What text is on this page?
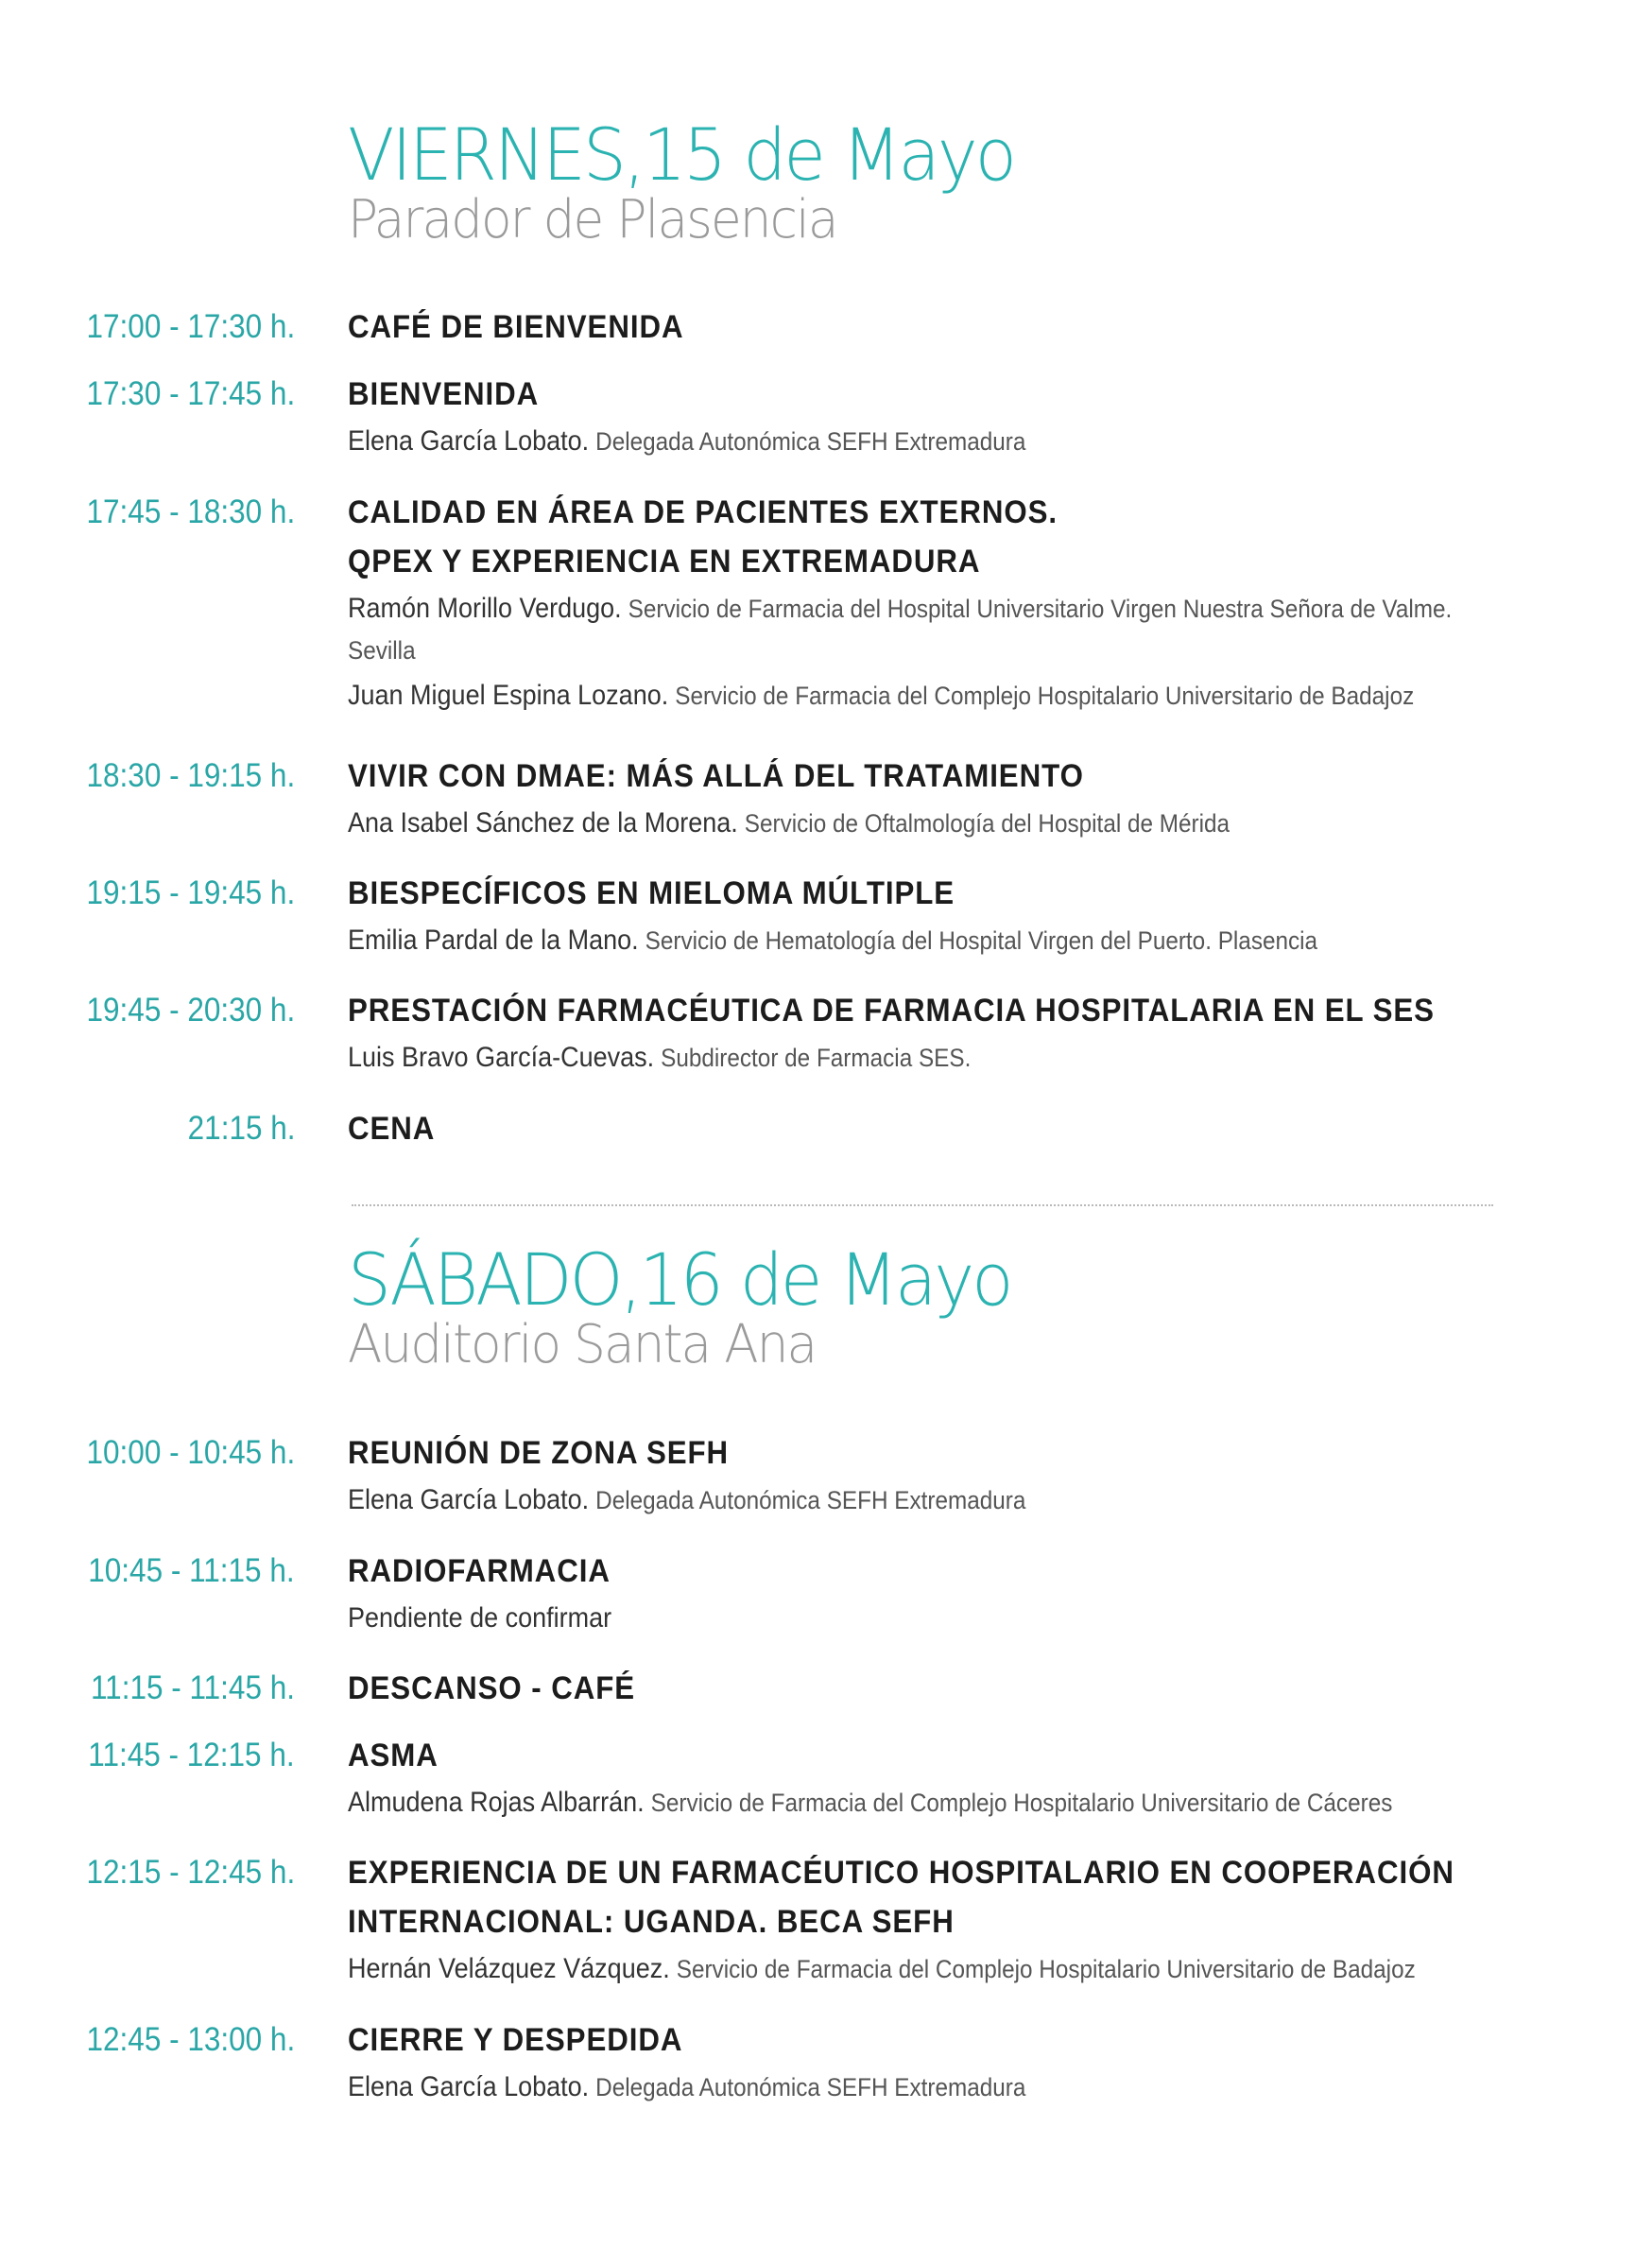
VIERNES,15 de Mayo
Parador de Plasencia
17:00 - 17:30 h. CAFÉ DE BIENVENIDA
17:30 - 17:45 h. BIENVENIDA
Elena García Lobato. Delegada Autonómica SEFH Extremadura
17:45 - 18:30 h. CALIDAD EN ÁREA DE PACIENTES EXTERNOS.
QPEX Y EXPERIENCIA EN EXTREMADURA
Ramón Morillo Verdugo. Servicio de Farmacia del Hospital Universitario Virgen Nuestra Señora de Valme.
Sevilla
Juan Miguel Espina Lozano. Servicio de Farmacia del Complejo Hospitalario Universitario de Badajoz
18:30 - 19:15 h. VIVIR CON DMAE: MÁS ALLÁ DEL TRATAMIENTO
Ana Isabel Sánchez de la Morena. Servicio de Oftalmología del Hospital de Mérida
19:15 - 19:45 h. BIESPECÍFICOS EN MIELOMA MÚLTIPLE
Emilia Pardal de la Mano. Servicio de Hematología del Hospital Virgen del Puerto. Plasencia
19:45 - 20:30 h. PRESTACIÓN FARMACÉUTICA DE FARMACIA HOSPITALARIA EN EL SES
Luis Bravo García-Cuevas. Subdirector de Farmacia SES.
21:15 h. CENA
SÁBADO,16 de Mayo
Auditorio Santa Ana
10:00 - 10:45 h. REUNIÓN DE ZONA SEFH
Elena García Lobato. Delegada Autonómica SEFH Extremadura
10:45 - 11:15 h. RADIOFARMACIA
Pendiente de confirmar
11:15 - 11:45 h. DESCANSO - CAFÉ
11:45 - 12:15 h. ASMA
Almudena Rojas Albarrán. Servicio de Farmacia del Complejo Hospitalario Universitario de Cáceres
12:15 - 12:45 h. EXPERIENCIA DE UN FARMACÉUTICO HOSPITALARIO EN COOPERACIÓN
INTERNACIONAL: UGANDA. BECA SEFH
Hernán Velázquez Vázquez. Servicio de Farmacia del Complejo Hospitalario Universitario de Badajoz
12:45 - 13:00 h. CIERRE Y DESPEDIDA
Elena García Lobato. Delegada Autonómica SEFH Extremadura
